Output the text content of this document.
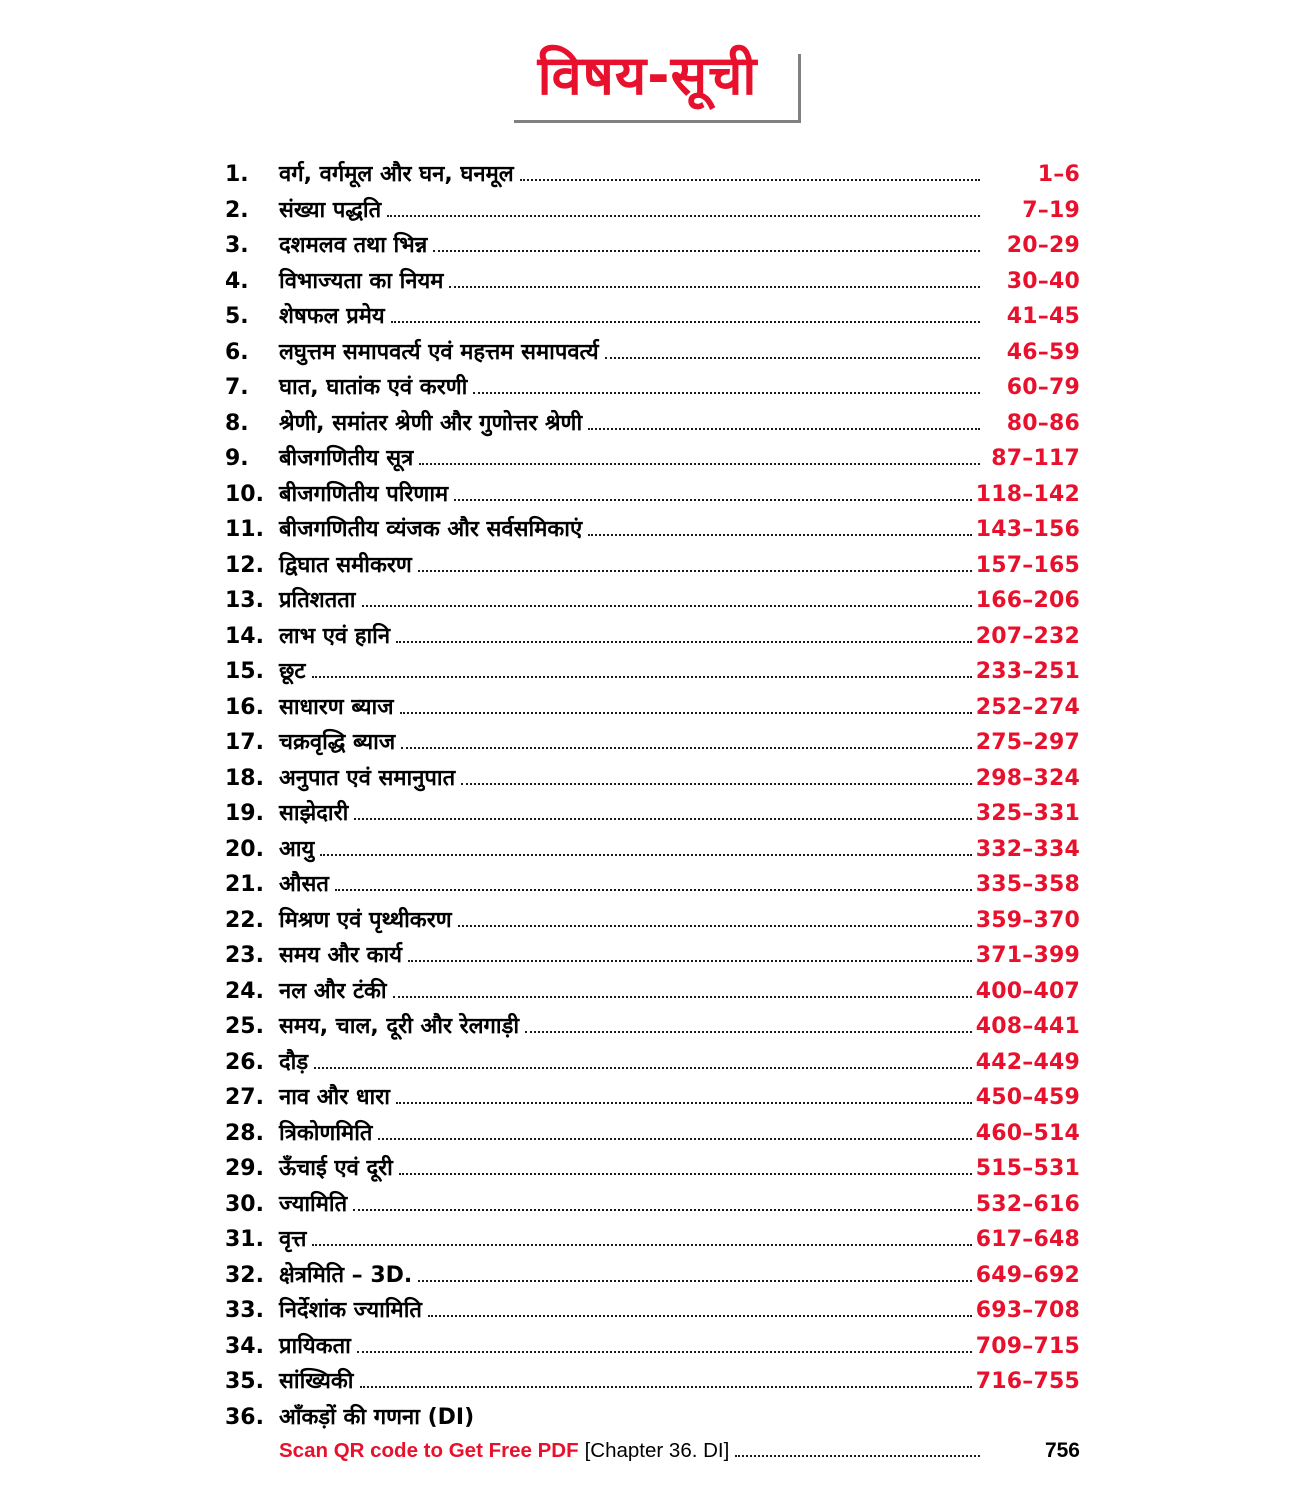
विषय-सूची
1.	वर्ग, वर्गमूल और घन, घनमूल	1–6
2.	संख्या पद्धति	7–19
3.	दशमलव तथा भिन्न	20–29
4.	विभाज्यता का नियम	30–40
5.	शेषफल प्रमेय	41–45
6.	लघुत्तम समापवर्त्य एवं महत्तम समापवर्त्य	46–59
7.	घात, घातांक एवं करणी	60–79
8.	श्रेणी, समांतर श्रेणी और गुणोत्तर श्रेणी	80–86
9.	बीजगणितीय सूत्र	87–117
10. बीजगणितीय परिणाम	118–142
11. बीजगणितीय व्यंजक और सर्वसमिकाएं	143–156
12. द्विघात समीकरण	157–165
13. प्रतिशतता	166–206
14. लाभ एवं हानि	207–232
15. छूट	233–251
16. साधारण ब्याज	252–274
17. चक्रवृद्धि ब्याज	275–297
18. अनुपात एवं समानुपात	298–324
19. साझेदारी	325–331
20. आयु	332–334
21. औसत	335–358
22. मिश्रण एवं पृथ्थीकरण	359–370
23. समय और कार्य	371–399
24. नल और टंकी	400–407
25. समय, चाल, दूरी और रेलगाड़ी	408–441
26. दौड़	442–449
27. नाव और धारा	450–459
28. त्रिकोणमिति	460–514
29. ऊँचाई एवं दूरी	515–531
30. ज्यामिति	532–616
31. वृत्त	617–648
32. क्षेत्रमिति – 3D.	649–692
33. निर्देशांक ज्यामिति	693–708
34. प्रायिकता	709–715
35. सांख्यिकी	716–755
36. आँकड़ों की गणना (DI)
Scan QR code to Get Free PDF [Chapter 36. DI]	756
